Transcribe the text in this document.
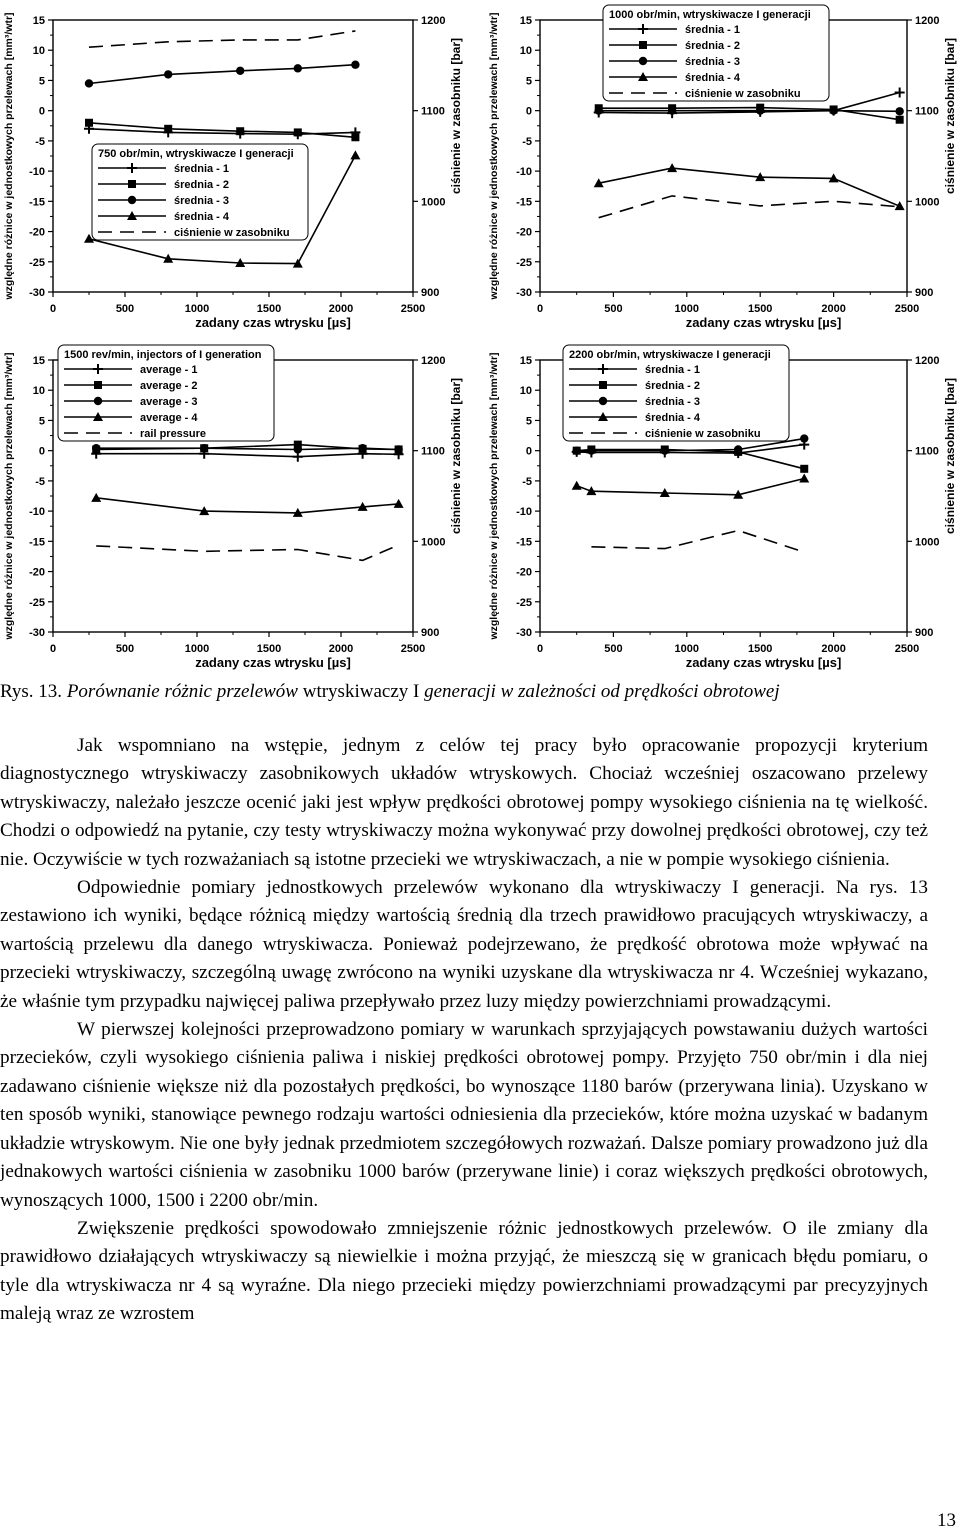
0	500	1000	1500	2000	2500
15
10
5
0
-5
-10
-15
-20
-25
-30
1200
1100
1000
900
zadany czas wtrysku [µs]
względne różnice w jednostkowych przelewach [mm³/wtr]	ciśnienie w zasobniku [bar]
750 obr/min, wtryskiwacze I generacji
średnia - 1
średnia - 2
średnia - 3
średnia - 4
ciśnienie w zasobniku
0	500	1000	1500	2000	2500
15
10
5
0
-5
-10
-15
-20
-25
-30
1200
1100
1000
900
zadany czas wtrysku [µs]
względne różnice w jednostkowych przelewach [mm³/wtr]	ciśnienie w zasobniku [bar]
1000 obr/min, wtryskiwacze I generacji
średnia - 1
średnia - 2
średnia - 3
średnia - 4
ciśnienie w zasobniku
0	500	1000	1500	2000	2500
15
10
5
0
-5
-10
-15
-20
-25
-30
1200
1100
1000
900
zadany czas wtrysku [µs]
względne różnice w jednostkowych przelewach [mm³/wtr]	ciśnienie w zasobniku [bar]
1500 rev/min, injectors of I generation
average - 1
average - 2
average - 3
average - 4
rail pressure
0	500	1000	1500	2000	2500
15
10
5
0
-5
-10
-15
-20
-25
-30
1200
1100
1000
900
zadany czas wtrysku [µs]
względne różnice w jednostkowych przelewach [mm³/wtr]	ciśnienie w zasobniku [bar]
2200 obr/min, wtryskiwacze I generacji
średnia - 1
średnia - 2
średnia - 3
średnia - 4
ciśnienie w zasobniku
Rys. 13. Porównanie różnic przelewów wtryskiwaczy I generacji w zależności od prędkości obrotowej

Jak wspomniano na wstępie, jednym z celów tej pracy było opracowanie propozycji kryterium diagnostycznego wtryskiwaczy zasobnikowych układów wtryskowych. Chociaż wcześniej oszacowano przelewy wtryskiwaczy, należało jeszcze ocenić jaki jest wpływ prędkości obrotowej pompy wysokiego ciśnienia na tę wielkość. Chodzi o odpowiedź na pytanie, czy testy wtryskiwaczy można wykonywać przy dowolnej prędkości obrotowej, czy też nie. Oczywiście w tych rozważaniach są istotne przecieki we wtryskiwaczach, a nie w pompie wysokiego ciśnienia.

Odpowiednie pomiary jednostkowych przelewów wykonano dla wtryskiwaczy I generacji. Na rys. 13 zestawiono ich wyniki, będące różnicą między wartością średnią dla trzech prawidłowo pracujących wtryskiwaczy, a wartością przelewu dla danego wtryskiwacza. Ponieważ podejrzewano, że prędkość obrotowa może wpływać na przecieki wtryskiwaczy, szczególną uwagę zwrócono na wyniki uzyskane dla wtryskiwacza nr 4. Wcześniej wykazano, że właśnie tym przypadku najwięcej paliwa przepływało przez luzy między powierzchniami prowadzącymi.

W pierwszej kolejności przeprowadzono pomiary w warunkach sprzyjających powstawaniu dużych wartości przecieków, czyli wysokiego ciśnienia paliwa i niskiej prędkości obrotowej pompy. Przyjęto 750 obr/min i dla niej zadawano ciśnienie większe niż dla pozostałych prędkości, bo wynoszące 1180 barów (przerywana linia). Uzyskano w ten sposób wyniki, stanowiące pewnego rodzaju wartości odniesienia dla przecieków, które można uzyskać w badanym układzie wtryskowym. Nie one były jednak przedmiotem szczegółowych rozważań. Dalsze pomiary prowadzono już dla jednakowych wartości ciśnienia w zasobniku 1000 barów (przerywane linie) i coraz większych prędkości obrotowych, wynoszących 1000, 1500 i 2200 obr/min.

Zwiększenie prędkości spowodowało zmniejszenie różnic jednostkowych przelewów. O ile zmiany dla prawidłowo działających wtryskiwaczy są niewielkie i można przyjąć, że mieszczą się w granicach błędu pomiaru, o tyle dla wtryskiwacza nr 4 są wyraźne. Dla niego przecieki między powierzchniami prowadzącymi par precyzyjnych maleją wraz ze wzrostem

13
